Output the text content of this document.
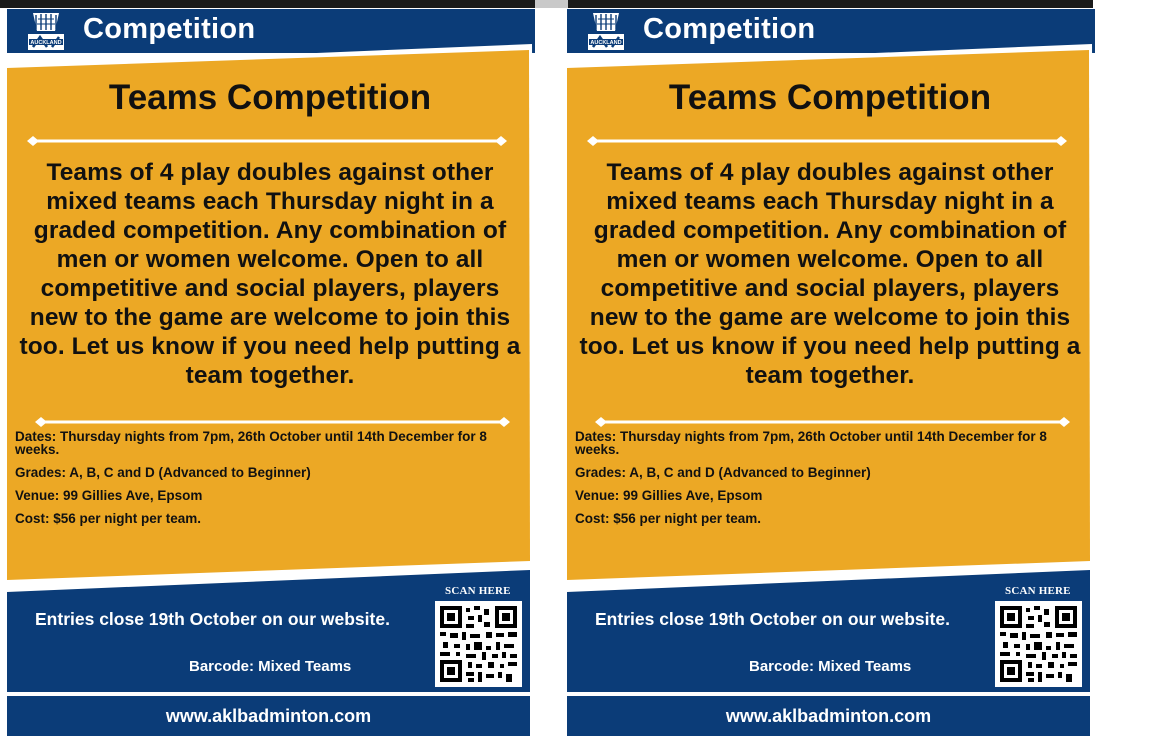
AUCKLAND Competition
Teams Competition
Teams of 4 play doubles against other mixed teams each Thursday night in a graded competition. Any combination of men or women welcome. Open to all competitive and social players, players new to the game are welcome to join this too. Let us know if you need help putting a team together.
Dates: Thursday nights from 7pm, 26th October until 14th December for 8 weeks.
Grades: A, B, C and D (Advanced to Beginner)
Venue: 99 Gillies Ave, Epsom
Cost: $56 per night per team.
Entries close 19th October on our website.
Barcode: Mixed Teams
SCAN HERE
www.aklbadminton.com
AUCKLAND Competition
Teams Competition
Teams of 4 play doubles against other mixed teams each Thursday night in a graded competition. Any combination of men or women welcome. Open to all competitive and social players, players new to the game are welcome to join this too. Let us know if you need help putting a team together.
Dates: Thursday nights from 7pm, 26th October until 14th December for 8 weeks.
Grades: A, B, C and D (Advanced to Beginner)
Venue: 99 Gillies Ave, Epsom
Cost: $56 per night per team.
Entries close 19th October on our website.
Barcode: Mixed Teams
SCAN HERE
www.aklbadminton.com
